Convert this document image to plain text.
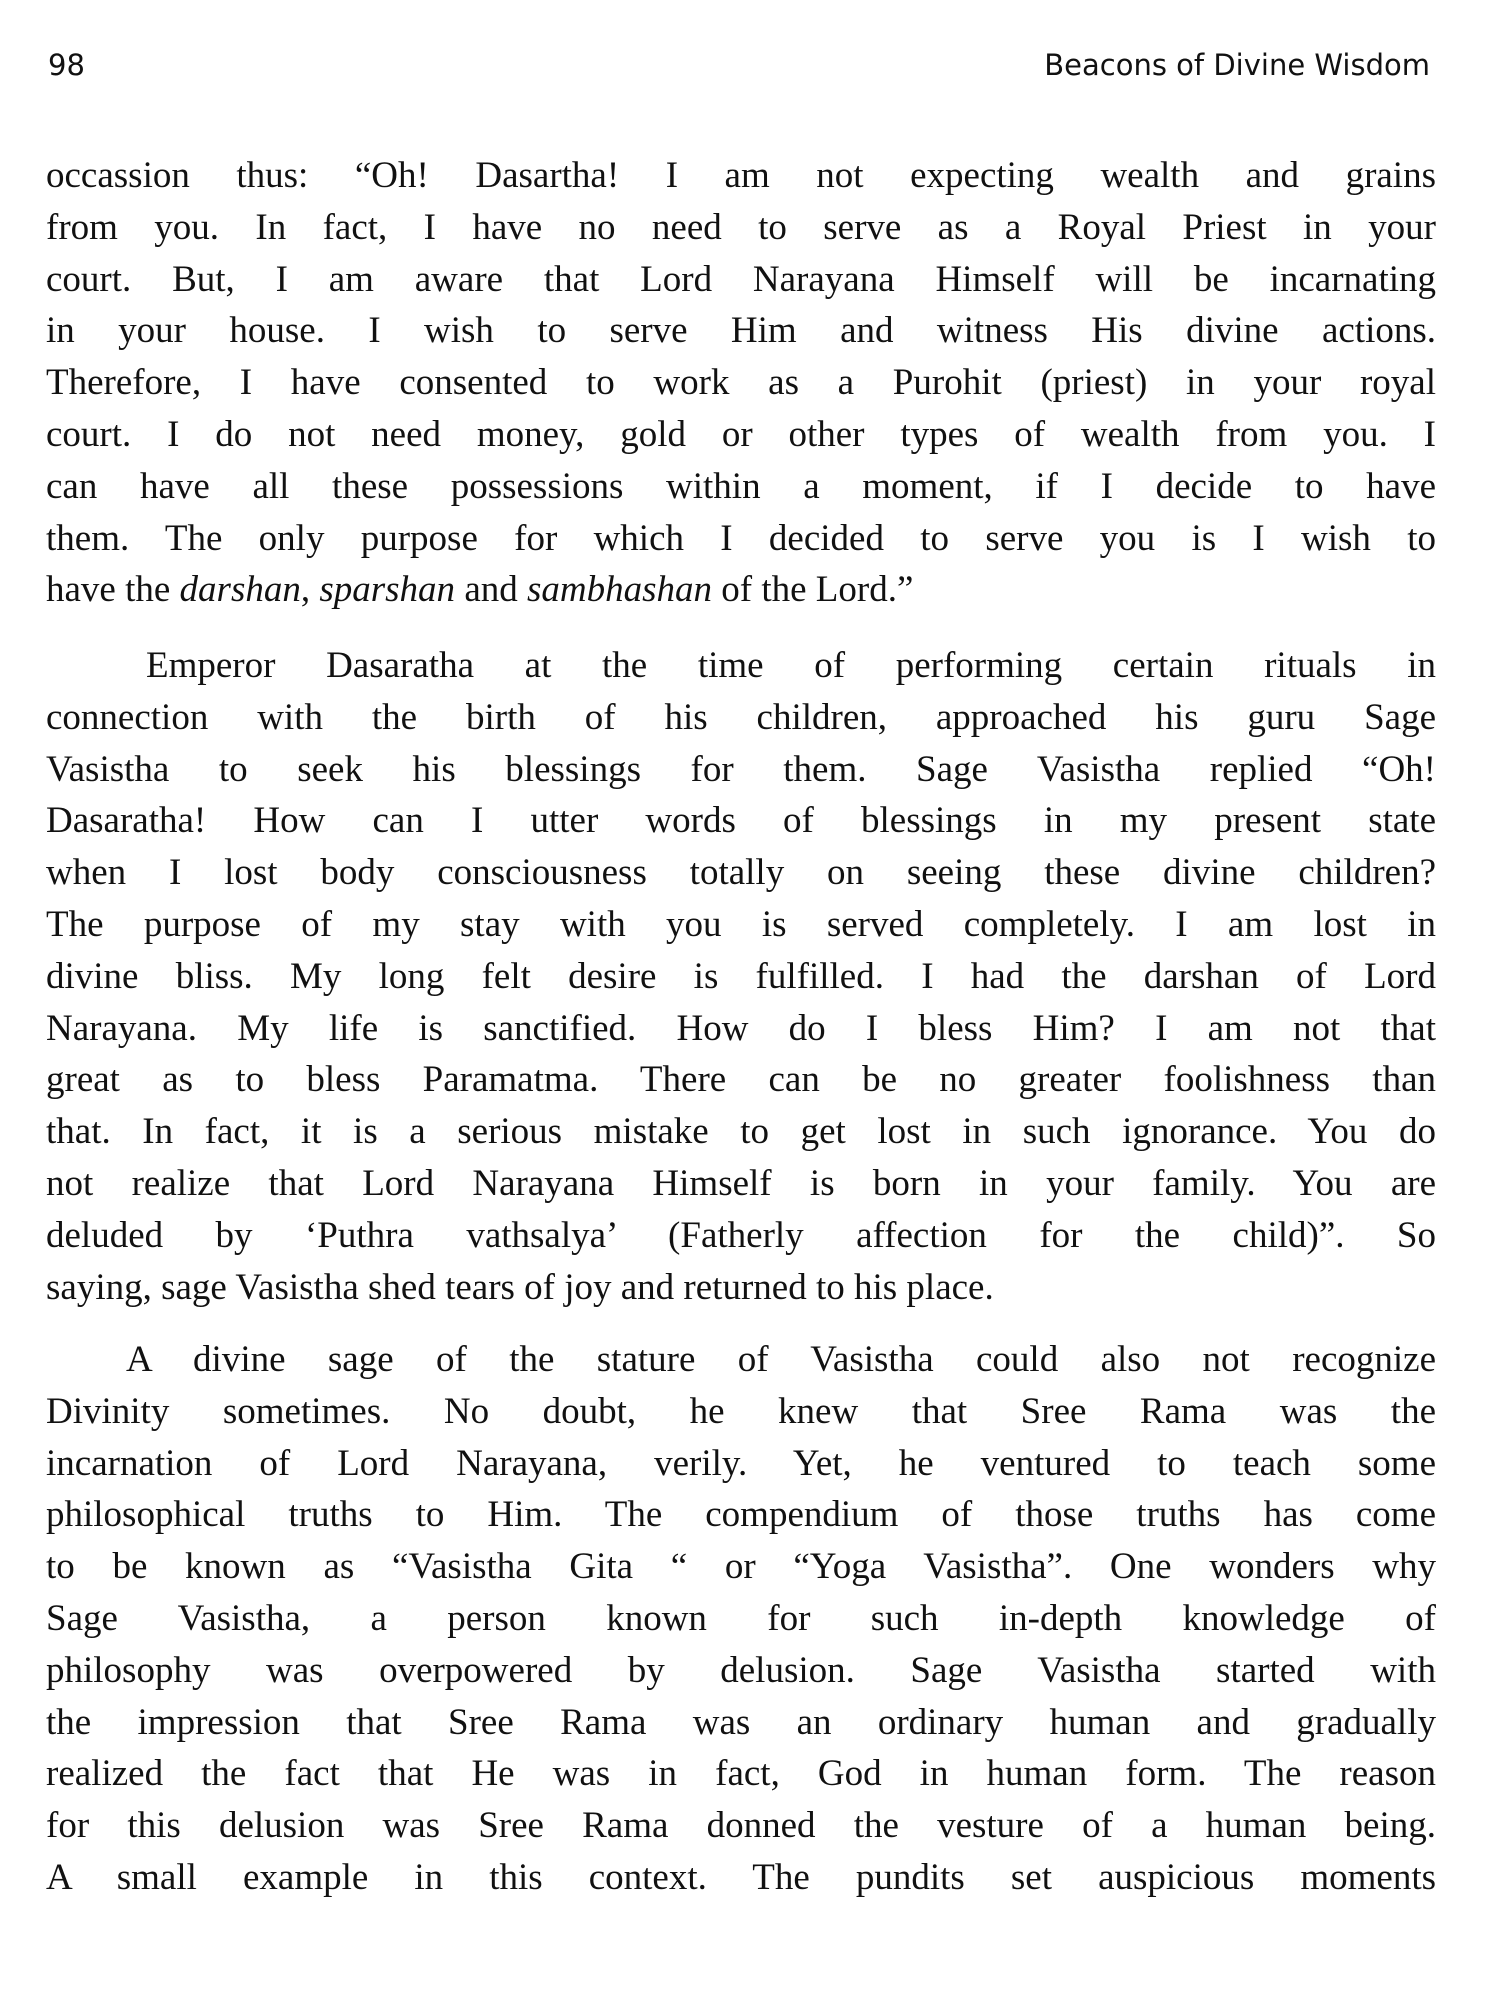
98	Beacons of Divine Wisdom
occassion thus: “Oh! Dasartha! I am not expecting wealth and grains
from you. In fact, I have no need to serve as a Royal Priest in your
court. But, I am aware that Lord Narayana Himself will be incarnating
in your house. I wish to serve Him and witness His divine actions.
Therefore, I have consented to work as a Purohit (priest) in your royal
court. I do not need money, gold or other types of wealth from you. I
can have all these possessions within a moment, if I decide to have
them. The only purpose for which I decided to serve you is I wish to
have the darshan, sparshan and sambhashan of the Lord.”
Emperor Dasaratha at the time of performing certain rituals in
connection with the birth of his children, approached his guru Sage
Vasistha to seek his blessings for them. Sage Vasistha replied “Oh!
Dasaratha! How can I utter words of blessings in my present state
when I lost body consciousness totally on seeing these divine children?
The purpose of my stay with you is served completely. I am lost in
divine bliss. My long felt desire is fulfilled. I had the darshan of Lord
Narayana. My life is sanctified. How do I bless Him? I am not that
great as to bless Paramatma. There can be no greater foolishness than
that. In fact, it is a serious mistake to get lost in such ignorance. You do
not realize that Lord Narayana Himself is born in your family. You are
deluded by ‘Puthra vathsalya’ (Fatherly affection for the child)”. So
saying, sage Vasistha shed tears of joy and returned to his place.
A divine sage of the stature of Vasistha could also not recognize
Divinity sometimes. No doubt, he knew that Sree Rama was the
incarnation of Lord Narayana, verily. Yet, he ventured to teach some
philosophical truths to Him. The compendium of those truths has come
to be known as “Vasistha Gita “ or “Yoga Vasistha”. One wonders why
Sage Vasistha, a person known for such in-depth knowledge of
philosophy was overpowered by delusion. Sage Vasistha started with
the impression that Sree Rama was an ordinary human and gradually
realized the fact that He was in fact, God in human form. The reason
for this delusion was Sree Rama donned the vesture of a human being.
A small example in this context. The pundits set auspicious moments
